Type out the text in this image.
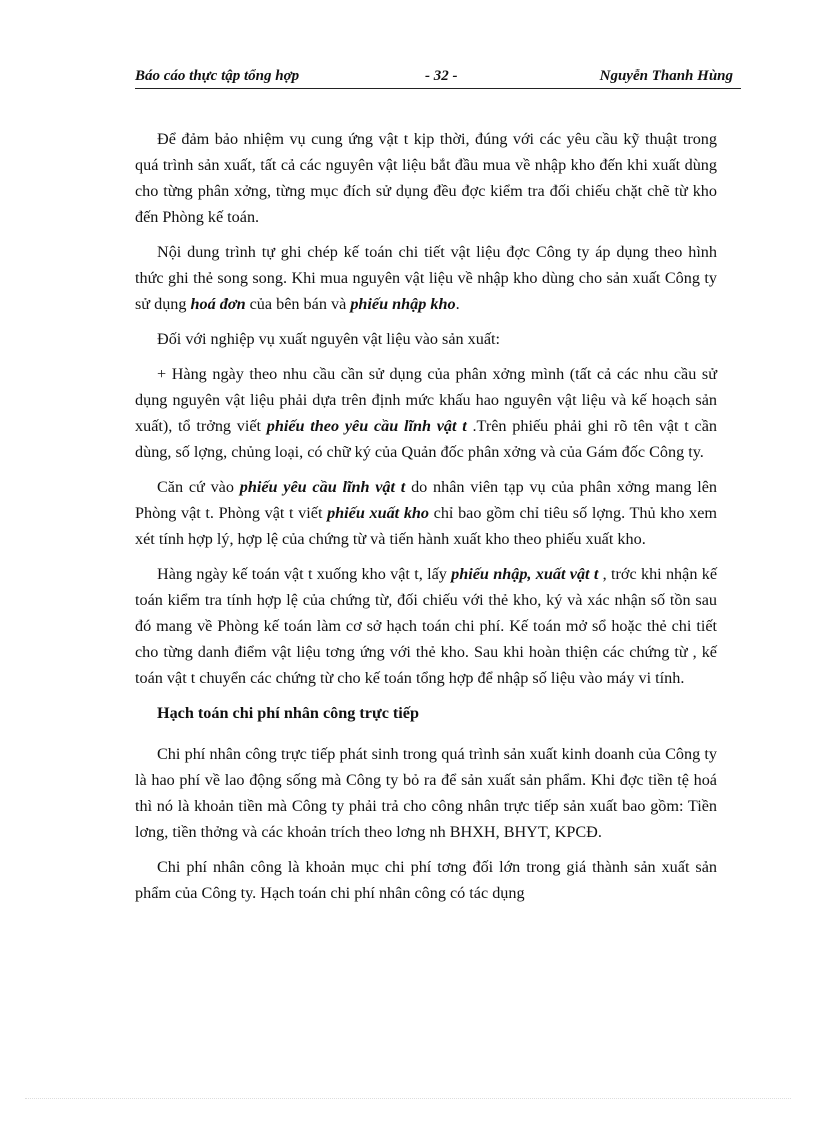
Báo cáo thực tập tổng hợp	- 32 -	Nguyễn Thanh Hùng

Để đảm bảo nhiệm vụ cung ứng vật t kịp thời, đúng với các yêu cầu kỹ thuật trong quá trình sản xuất, tất cả các nguyên vật liệu bắt đầu mua về nhập kho đến khi xuất dùng cho từng phân xởng, từng mục đích sử dụng đều đợc kiểm tra đối chiếu chặt chẽ từ kho đến Phòng kế toán.

Nội dung trình tự ghi chép kế toán chi tiết vật liệu đợc Công ty áp dụng theo hình thức ghi thẻ song song. Khi mua nguyên vật liệu về nhập kho dùng cho sản xuất Công ty sử dụng hoá đơn của bên bán và phiếu nhập kho.

Đối với nghiệp vụ xuất nguyên vật liệu vào sản xuất:

+ Hàng ngày theo nhu cầu cần sử dụng của phân xởng mình (tất cả các nhu cầu sử dụng nguyên vật liệu phải dựa trên định mức khấu hao nguyên vật liệu và kế hoạch sản xuất), tổ trởng viết phiếu theo yêu cầu lĩnh vật t .Trên phiếu phải ghi rõ tên vật t cần dùng, số lợng, chủng loại, có chữ ký của Quản đốc phân xởng và của Gám đốc Công ty.

Căn cứ vào phiếu yêu cầu lĩnh vật t do nhân viên tạp vụ của phân xởng mang lên Phòng vật t. Phòng vật t viết phiếu xuất kho chỉ bao gồm chỉ tiêu số lợng. Thủ kho xem xét tính hợp lý, hợp lệ của chứng từ và tiến hành xuất kho theo phiếu xuất kho.

Hàng ngày kế toán vật t xuống kho vật t, lấy phiếu nhập, xuất vật t , trớc khi nhận kế toán kiểm tra tính hợp lệ của chứng từ, đối chiếu với thẻ kho, ký và xác nhận số tồn sau đó mang về Phòng kế toán làm cơ sở hạch toán chi phí. Kế toán mở sổ hoặc thẻ chi tiết cho từng danh điểm vật liệu tơng ứng với thẻ kho. Sau khi hoàn thiện các chứng từ , kế toán vật t chuyển các chứng từ cho kế toán tổng hợp để nhập số liệu vào máy vi tính.

Hạch toán chi phí nhân công trực tiếp

Chi phí nhân công trực tiếp phát sinh trong quá trình sản xuất kinh doanh của Công ty là hao phí về lao động sống mà Công ty bỏ ra để sản xuất sản phẩm. Khi đợc tiền tệ hoá thì nó là khoản tiền mà Công ty phải trả cho công nhân trực tiếp sản xuất bao gồm: Tiền lơng, tiền thởng và các khoản trích theo lơng nh BHXH, BHYT, KPCĐ.

Chi phí nhân công là khoản mục chi phí tơng đối lớn trong giá thành sản xuất sản phẩm của Công ty. Hạch toán chi phí nhân công có tác dụng
